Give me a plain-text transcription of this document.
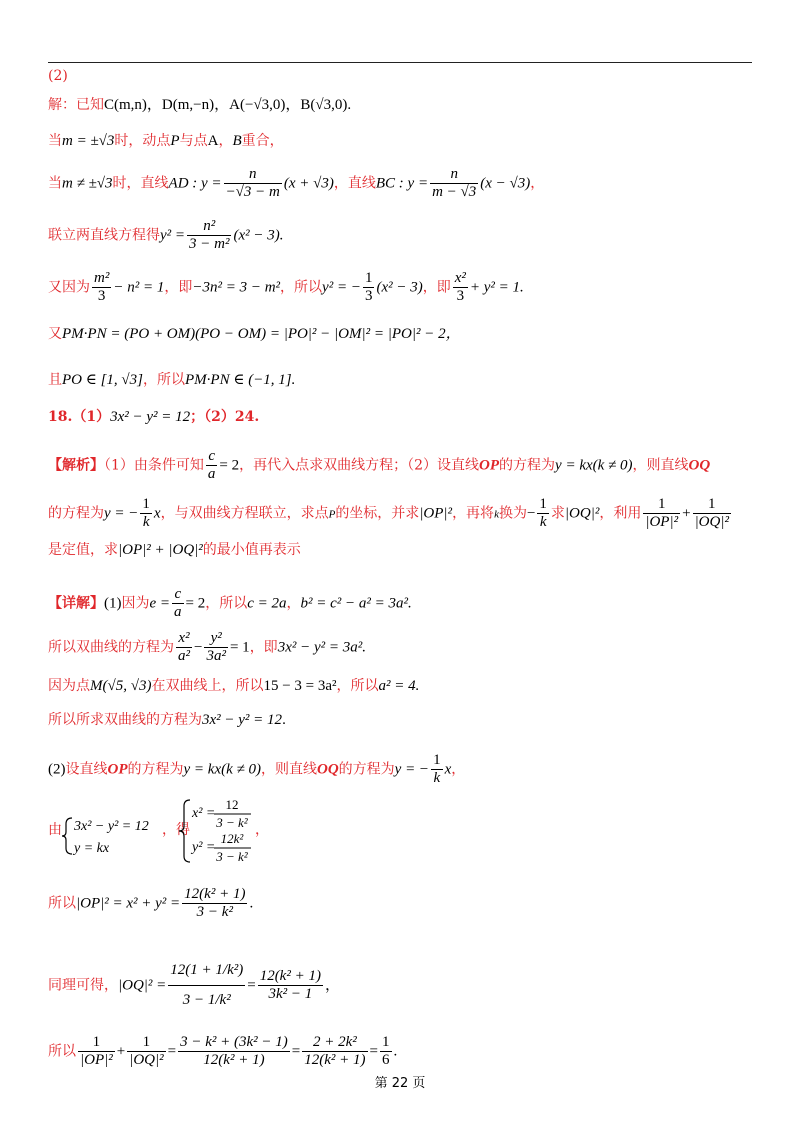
(2)
解：已知C(m,n)，D(m,−n)，A(−√3,0)，B(√3,0).
当m = ±√3时，动点P与点A，B重合，
当m ≠ ±√3时，直线AD : $y = \frac{n}{-√3 - m} (x + √3)$，直线BC : $y = \frac{n}{m - √3} (x - √3)$，
联立两直线方程得$y^2 = \frac{\text{n²}}{\text{3 − m²}} (x^2 - 3)$.
又因为 $\frac{\text{m²}}{3} - n^2 = 1$，即−3n² = 3 − m²，所以y² = − $\frac{1}{3} (x^2 - 3)$，即 $\frac{\text{x²}}{3} + y^2 = 1$.
又PM·PN = (PO + OM)(PO − OM) = |PO|² − |OM|² = |PO|² − 2，
且PO ∈ [1, √3]，所以PM·PN ∈ (−1, 1].
18.（1）3x² − y² = 12；（2）24.
【解析】（1）由条件可知 $\frac{c}{a} = 2$，再代入点求双曲线方程；（2）设直线OP的方程为y = kx(k ≠ 0)，则直线OQ
的方程为y = − $\frac{1}{k}$ x，与双曲线方程联立，求点P的坐标，并求|OP|²，再将k换为− $\frac{1}{k}$ 求|OQ|²，利用 $\frac{1}{\text{|OP|²}} + \frac{1}{\text{|OQ|²}}$
是定值，求|OP|² + |OQ|²的最小值再表示
【详解】(1)因为$e = \frac{c}{a} = 2$，所以c = 2a，b² = c² − a² = 3a².
所以双曲线的方程为 $\frac{\text{x²}}{\text{a²}} - \frac{\text{y²}}{\text{3a²}} = 1$，即3x² − y² = 3a².
因为点M(√5, √3)在双曲线上，所以15 − 3 = 3a²，所以a² = 4.
所以所求双曲线的方程为3x² − y² = 12.
(2)设直线OP的方程为y = kx(k ≠ 0)，则直线OQ的方程为y = − $\frac{1}{k}$ x，
由 3x² − y² = 12
y = kx
，得
x² =
12
3 − k²
y² =
12k²
3 − k²
，
所以$|OP|^2 = x^2 + y^2 = \frac{\text{12(k² + 1)}}{\text{3 − k²}}$ .
同理可得，$|OQ|^2 = \frac{\text{12(1 + 1/k²)}}{\text{3 − 1/k²}} = \frac{\text{12(k² + 1)}}{\text{3k² − 1}}$ ，
所以 $\frac{1}{\text{|OP|²}} + \frac{1}{\text{|OQ|²}} = \frac{\text{3 − k² + (3k² − 1)}}{\text{12(k² + 1)}} = \frac{\text{2 + 2k²}}{\text{12(k² + 1)}} = \frac{1}{6}$ .
第 22 页
